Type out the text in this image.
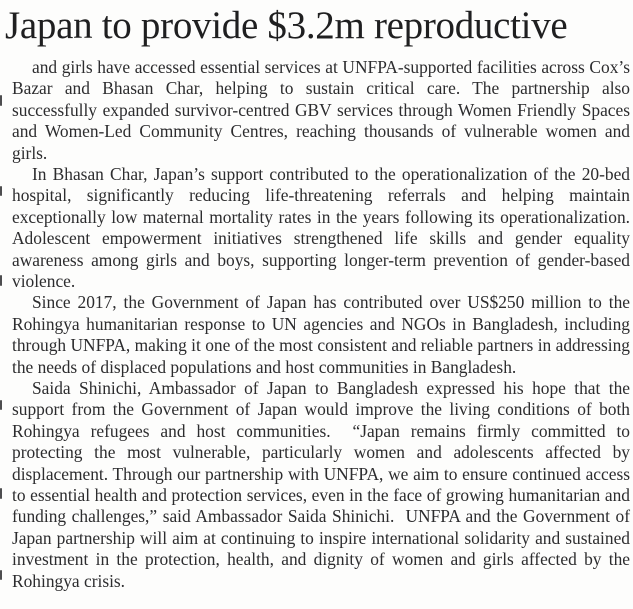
Japan to provide $3.2m reproductive

and girls have accessed essential services at UNFPA-supported facilities across Cox’s Bazar and Bhasan Char, helping to sustain critical care. The partnership also successfully expanded survivor-centred GBV services through Women Friendly Spaces and Women-Led Community Centres, reaching thousands of vulnerable women and girls.

In Bhasan Char, Japan’s support contributed to the operationalization of the 20-bed hospital, significantly reducing life-threatening referrals and helping maintain exceptionally low maternal mortality rates in the years following its operationalization. Adolescent empowerment initiatives strengthened life skills and gender equality awareness among girls and boys, supporting longer-term prevention of gender-based violence.

Since 2017, the Government of Japan has contributed over US$250 million to the Rohingya humanitarian response to UN agencies and NGOs in Bangladesh, including through UNFPA, making it one of the most consistent and reliable partners in addressing the needs of displaced populations and host communities in Bangladesh.

Saida Shinichi, Ambassador of Japan to Bangladesh expressed his hope that the support from the Government of Japan would improve the living conditions of both Rohingya refugees and host communities.  “Japan remains firmly committed to protecting the most vulnerable, particularly women and adolescents affected by displacement. Through our partnership with UNFPA, we aim to ensure continued access to essential health and protection services, even in the face of growing humanitarian and funding challenges,” said Ambassador Saida Shinichi.  UNFPA and the Government of Japan partnership will aim at continuing to inspire international solidarity and sustained investment in the protection, health, and dignity of women and girls affected by the Rohingya crisis.
